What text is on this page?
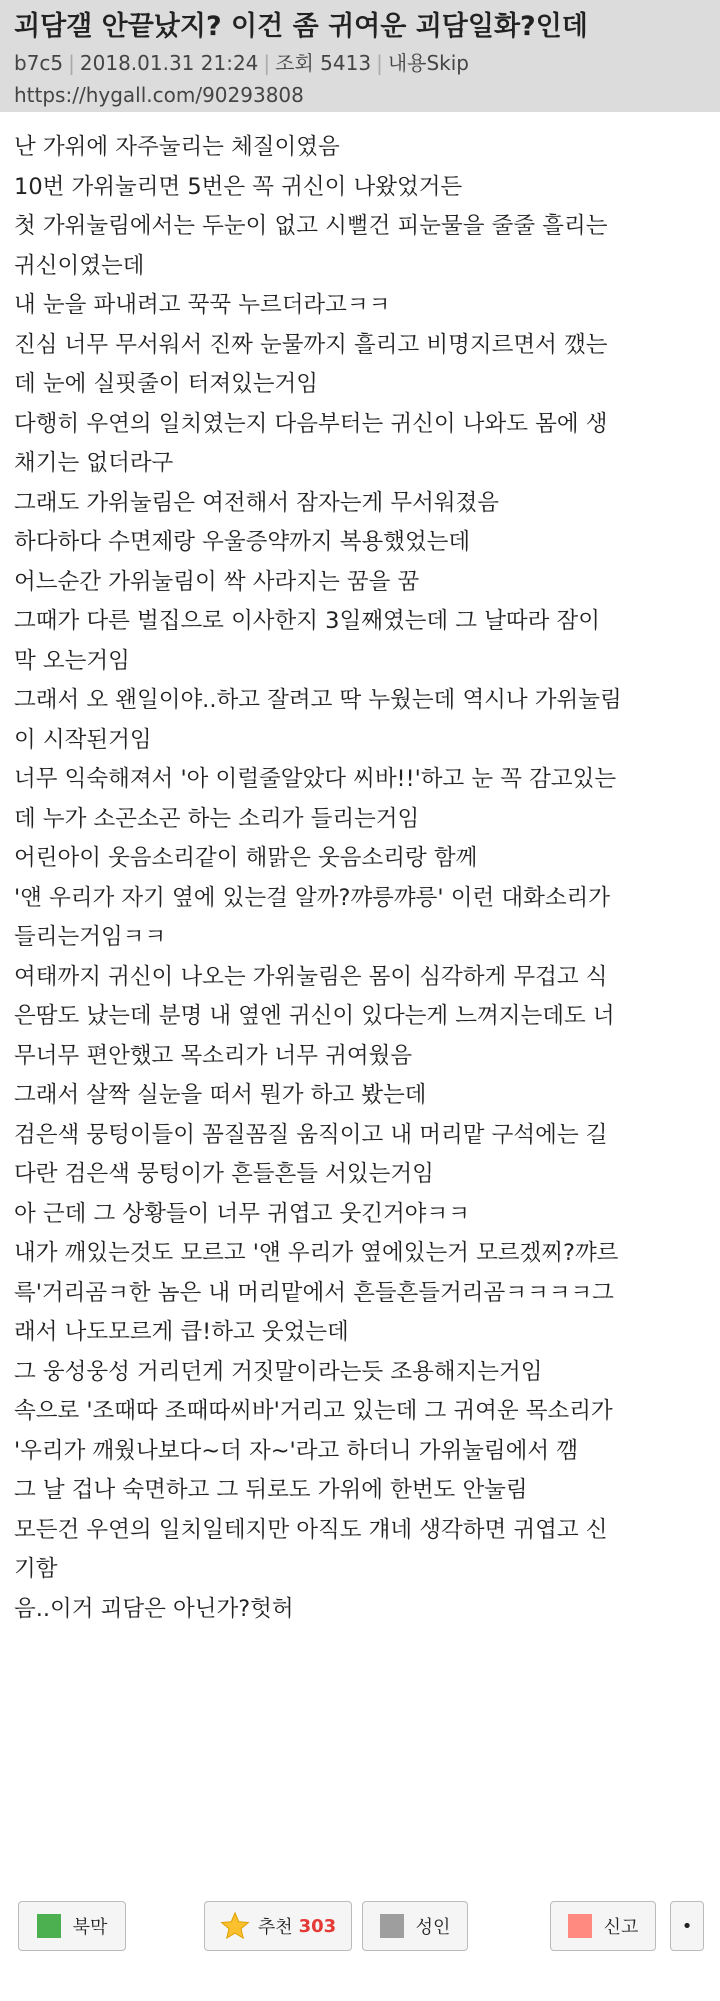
괴담갤 안끝났지? 이건 좀 귀여운 괴담일화?인데
b7c5 | 2018.01.31 21:24 | 조회 5413 | 내용Skip
https://hygall.com/90293808
난 가위에 자주눌리는 체질이였음
10번 가위눌리면 5번은 꼭 귀신이 나왔었거든
첫 가위눌림에서는 두눈이 없고 시뻘건 피눈물을 줄줄 흘리는
귀신이였는데
내 눈을 파내려고 꾹꾹 누르더라고ㅋㅋ
진심 너무 무서워서 진짜 눈물까지 흘리고 비명지르면서 깼는
데 눈에 실핏줄이 터져있는거임
다행히 우연의 일치였는지 다음부터는 귀신이 나와도 몸에 생
채기는 없더라구
그래도 가위눌림은 여전해서 잠자는게 무서워졌음
하다하다 수면제랑 우울증약까지 복용했었는데
어느순간 가위눌림이 싹 사라지는 꿈을 꿈
그때가 다른 벌집으로 이사한지 3일째였는데 그 날따라 잠이
막 오는거임
그래서 오 왠일이야..하고 잘려고 딱 누웠는데 역시나 가위눌림
이 시작된거임
너무 익숙해져서 '아 이럴줄알았다 씨바!!'하고 눈 꼭 감고있는
데 누가 소곤소곤 하는 소리가 들리는거임
어린아이 웃음소리같이 해맑은 웃음소리랑 함께
'얜 우리가 자기 옆에 있는걸 알까?꺄릉꺄릉' 이런 대화소리가
들리는거임ㅋㅋ
여태까지 귀신이 나오는 가위눌림은 몸이 심각하게 무겁고 식
은땀도 났는데 분명 내 옆엔 귀신이 있다는게 느껴지는데도 너
무너무 편안했고 목소리가 너무 귀여웠음
그래서 살짝 실눈을 떠서 뭔가 하고 봤는데
검은색 뭉텅이들이 꼼질꼼질 움직이고 내 머리맡 구석에는 길
다란 검은색 뭉텅이가 흔들흔들 서있는거임
아 근데 그 상황들이 너무 귀엽고 웃긴거야ㅋㅋ
내가 깨있는것도 모르고 '얜 우리가 옆에있는거 모르겠찌?꺄르
륵'거리곰ㅋ한 놈은 내 머리맡에서 흔들흔들거리곰ㅋㅋㅋㅋ그
래서 나도모르게 큽!하고 웃었는데
그 웅성웅성 거리던게 거짓말이라는듯 조용해지는거임
속으로 '조때따 조때따씨바'거리고 있는데 그 귀여운 목소리가
'우리가 깨웠나보다~더 자~'라고 하더니 가위눌림에서 깸
그 날 겁나 숙면하고 그 뒤로도 가위에 한번도 안눌림
모든건 우연의 일치일테지만 아직도 걔네 생각하면 귀엽고 신
기함
음..이거 괴담은 아닌가?헛허
북막	추천 303	성인	신고 •
